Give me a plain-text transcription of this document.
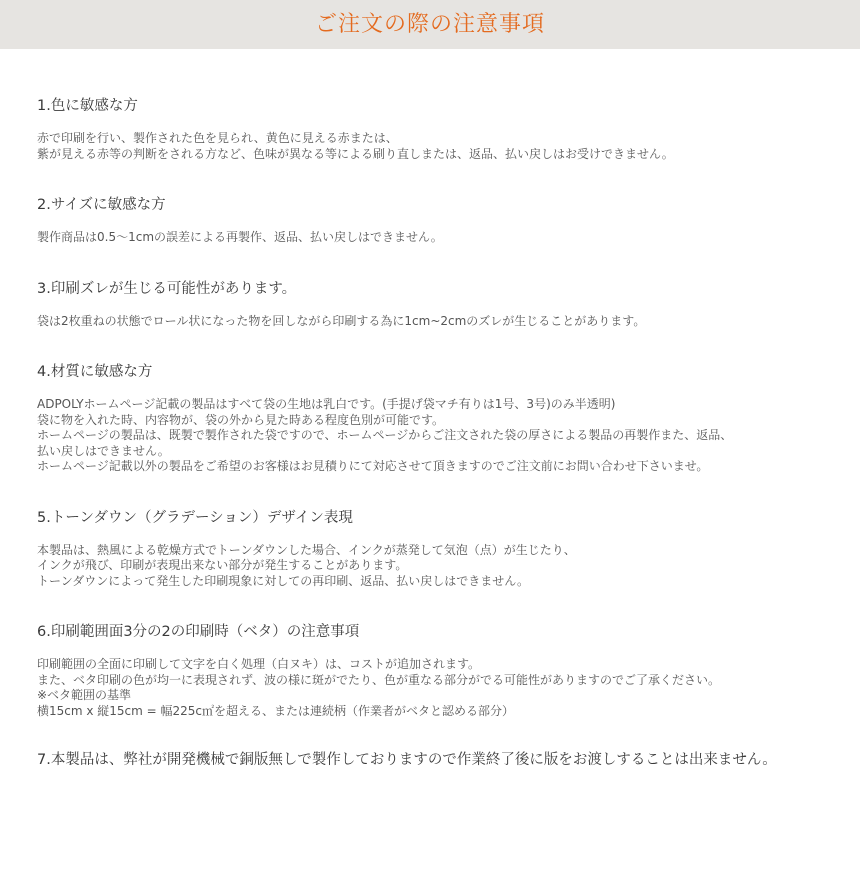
ご注文の際の注意事項
1.色に敏感な方
赤で印刷を行い、製作された色を見られ、黄色に見える赤または、
紫が見える赤等の判断をされる方など、色味が異なる等による刷り直しまたは、返品、払い戻しはお受けできません。
2.サイズに敏感な方
製作商品は0.5〜1cmの誤差による再製作、返品、払い戻しはできません。
3.印刷ズレが生じる可能性があります。
袋は2枚重ねの状態でロール状になった物を回しながら印刷する為に1cm~2cmのズレが生じることがあります。
4.材質に敏感な方
ADPOLYホームページ記載の製品はすべて袋の生地は乳白です。(手提げ袋マチ有りは1号、3号)のみ半透明)
袋に物を入れた時、内容物が、袋の外から見た時ある程度色別が可能です。
ホームページの製品は、既製で製作された袋ですので、ホームページからご注文された袋の厚さによる製品の再製作また、返品、
払い戻しはできません。
ホームページ記載以外の製品をご希望のお客様はお見積りにて対応させて頂きますのでご注文前にお問い合わせ下さいませ。
5.トーンダウン（グラデーション）デザイン表現
本製品は、熱風による乾燥方式でトーンダウンした場合、インクが蒸発して気泡（点）が生じたり、
インクが飛び、印刷が表現出来ない部分が発生することがあります。
トーンダウンによって発生した印刷現象に対しての再印刷、返品、払い戻しはできません。
6.印刷範囲面3分の2の印刷時（ベタ）の注意事項
印刷範囲の全面に印刷して文字を白く処理（白ヌキ）は、コストが追加されます。
また、ベタ印刷の色が均一に表現されず、波の様に斑がでたり、色が重なる部分がでる可能性がありますのでご了承ください。
※ベタ範囲の基準
横15cm x 縦15cm = 幅225c㎡を超える、または連続柄（作業者がベタと認める部分）
7.本製品は、弊社が開発機械で銅版無しで製作しておりますので作業終了後に版をお渡しすることは出来ません。
